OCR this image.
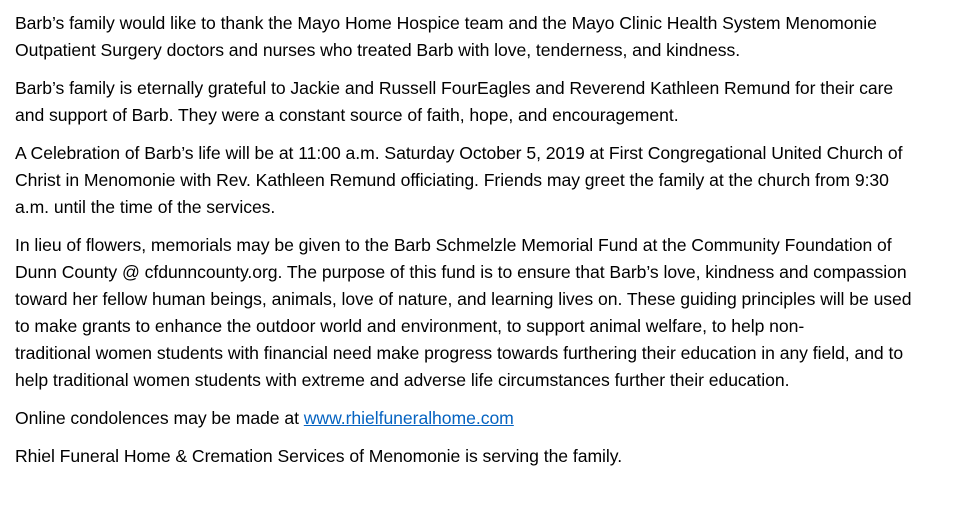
Barb’s family would like to thank the Mayo Home Hospice team and the Mayo Clinic Health System Menomonie
Outpatient Surgery doctors and nurses who treated Barb with love, tenderness, and kindness.

Barb’s family is eternally grateful to Jackie and Russell FourEagles and Reverend Kathleen Remund for their care
and support of Barb. They were a constant source of faith, hope, and encouragement.

A Celebration of Barb’s life will be at 11:00 a.m. Saturday October 5, 2019 at First Congregational United Church of
Christ in Menomonie with Rev. Kathleen Remund officiating. Friends may greet the family at the church from 9:30
a.m. until the time of the services.

In lieu of flowers, memorials may be given to the Barb Schmelzle Memorial Fund at the Community Foundation of
Dunn County @ cfdunncounty.org. The purpose of this fund is to ensure that Barb’s love, kindness and compassion
toward her fellow human beings, animals, love of nature, and learning lives on. These guiding principles will be used
to make grants to enhance the outdoor world and environment, to support animal welfare, to help non-
traditional women students with financial need make progress towards furthering their education in any field, and to
help traditional women students with extreme and adverse life circumstances further their education.

Online condolences may be made at www.rhielfuneralhome.com

Rhiel Funeral Home & Cremation Services of Menomonie is serving the family.
